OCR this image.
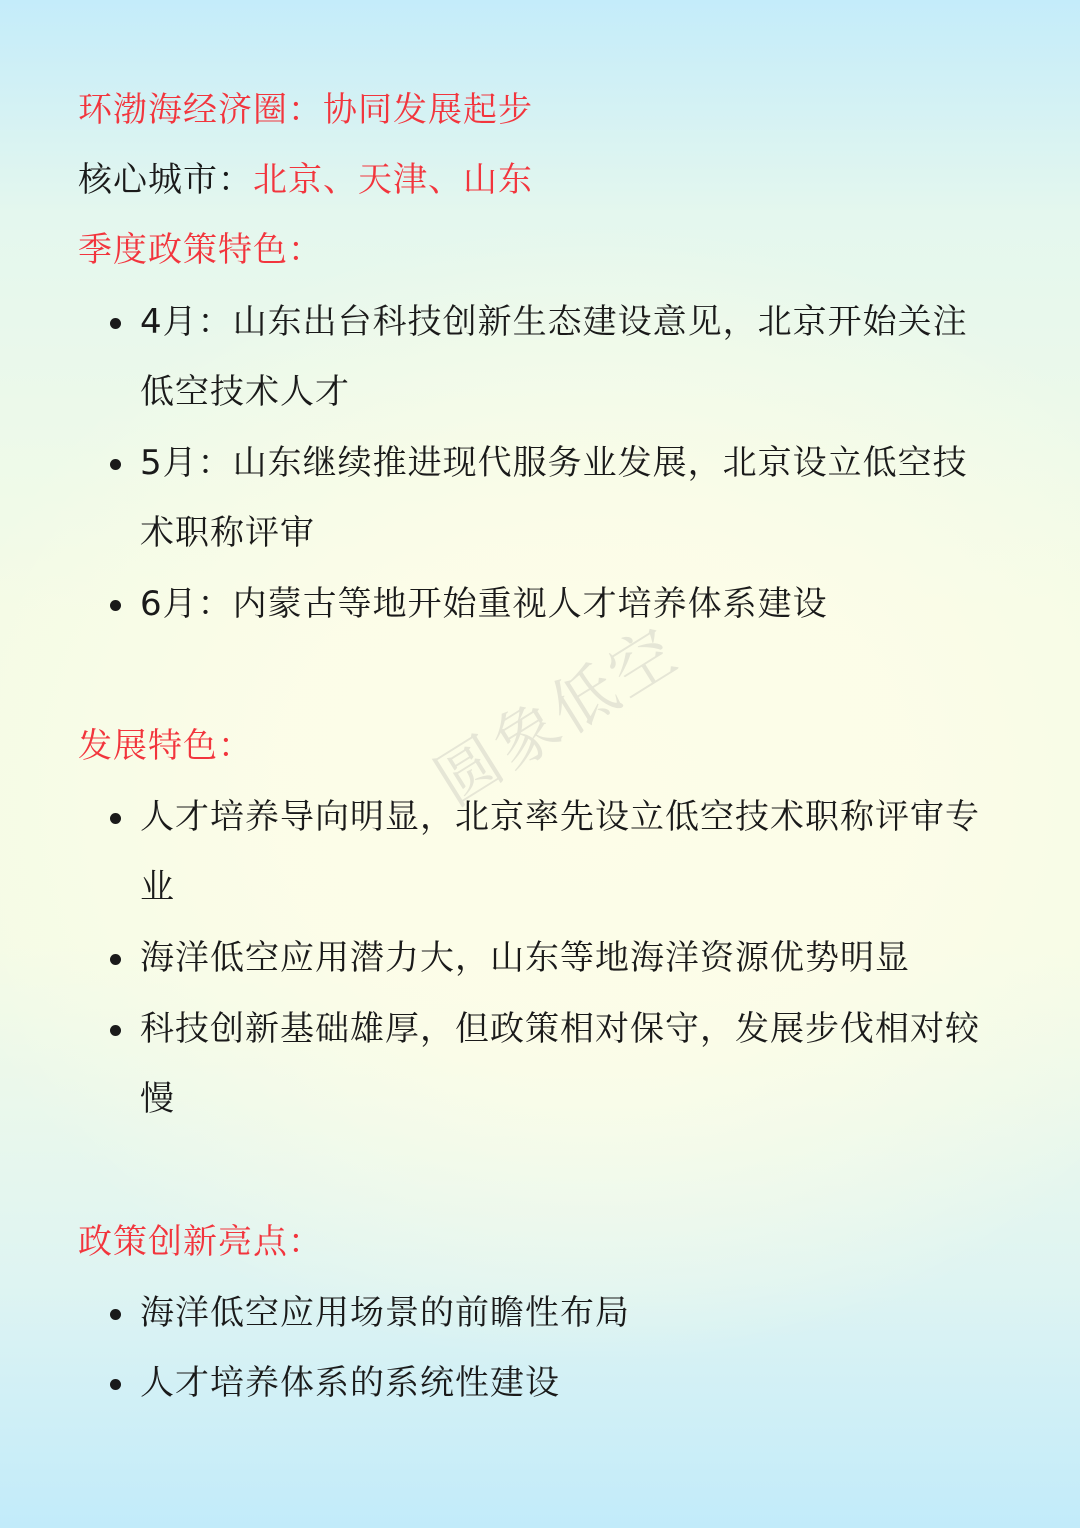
环渤海经济圈：协同发展起步
核心城市：北京、天津、山东
季度政策特色：
4月：山东出台科技创新生态建设意见，北京开始关注
低空技术人才
5月：山东继续推进现代服务业发展，北京设立低空技
术职称评审
6月：内蒙古等地开始重视人才培养体系建设
发展特色：
人才培养导向明显，北京率先设立低空技术职称评审专
业
海洋低空应用潜力大，山东等地海洋资源优势明显
科技创新基础雄厚，但政策相对保守，发展步伐相对较
慢
政策创新亮点：
海洋低空应用场景的前瞻性布局
人才培养体系的系统性建设
圆象低空
